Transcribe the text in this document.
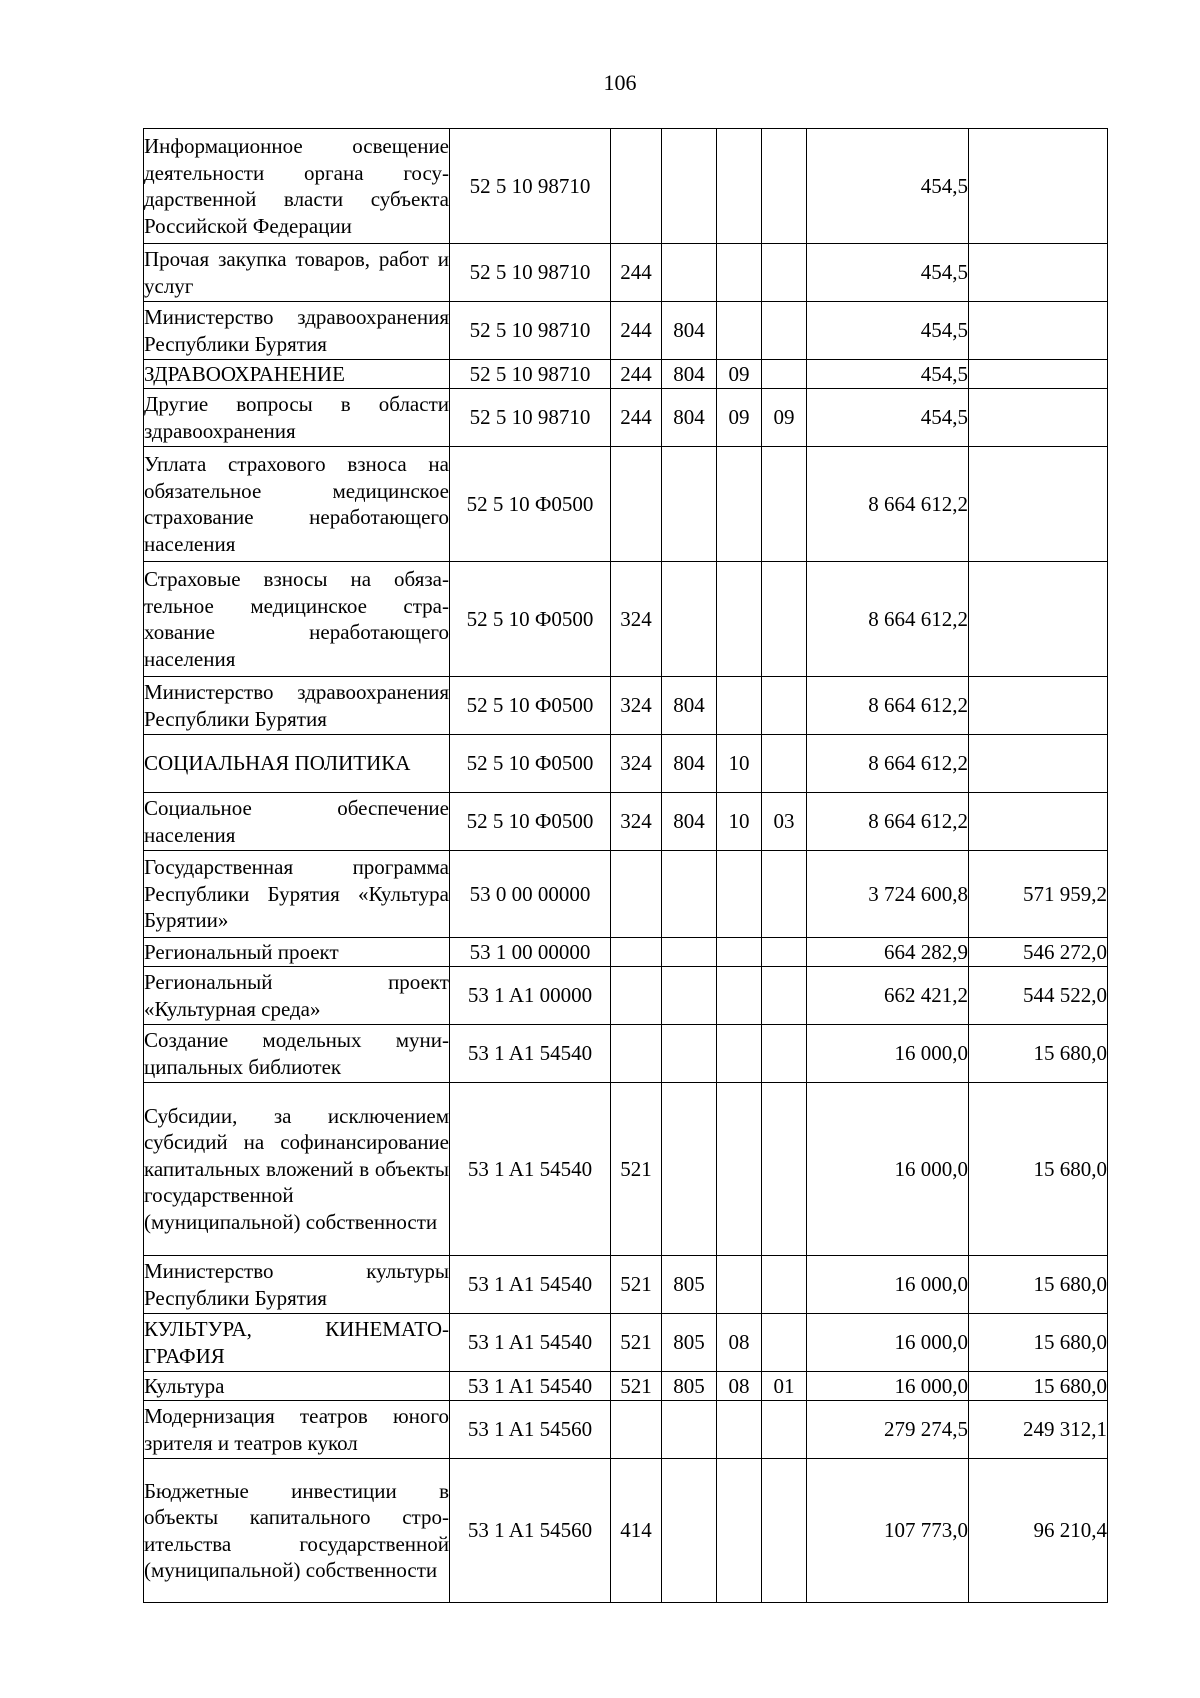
106
Информационное освещение деятельности органа государственной власти субъекта Российской Федерации	52 5 10 98710					454,5	
Прочая закупка товаров, работ и услуг	52 5 10 98710	244				454,5	
Министерство здравоохранения Республики Бурятия	52 5 10 98710	244	804			454,5	
ЗДРАВООХРАНЕНИЕ	52 5 10 98710	244	804	09		454,5	
Другие вопросы в области здравоохранения	52 5 10 98710	244	804	09	09	454,5	
Уплата страхового взноса на обязательное медицинское страхование неработающего населения	52 5 10 Ф0500					8 664 612,2	
Страховые взносы на обязательное медицинское страхование неработающего населения	52 5 10 Ф0500	324				8 664 612,2	
Министерство здравоохранения Республики Бурятия	52 5 10 Ф0500	324	804			8 664 612,2	
СОЦИАЛЬНАЯ ПОЛИТИКА	52 5 10 Ф0500	324	804	10		8 664 612,2	
Социальное обеспечение населения	52 5 10 Ф0500	324	804	10	03	8 664 612,2	
Государственная программа Республики Бурятия «Культура Бурятии»	53 0 00 00000					3 724 600,8	571 959,2
Региональный проект	53 1 00 00000					664 282,9	546 272,0
Региональный проект «Культурная среда»	53 1 A1 00000					662 421,2	544 522,0
Создание модельных муниципальных библиотек	53 1 A1 54540					16 000,0	15 680,0
Субсидии, за исключением субсидий на софинансирование капитальных вложений в объекты государственной (муниципальной) собственности	53 1 A1 54540	521				16 000,0	15 680,0
Министерство культуры Республики Бурятия	53 1 A1 54540	521	805			16 000,0	15 680,0
КУЛЬТУРА, КИНЕМАТОГРАФИЯ	53 1 A1 54540	521	805	08		16 000,0	15 680,0
Культура	53 1 A1 54540	521	805	08	01	16 000,0	15 680,0
Модернизация театров юного зрителя и театров кукол	53 1 A1 54560					279 274,5	249 312,1
Бюджетные инвестиции в объекты капитального строительства государственной (муниципальной) собственности	53 1 A1 54560	414				107 773,0	96 210,4
